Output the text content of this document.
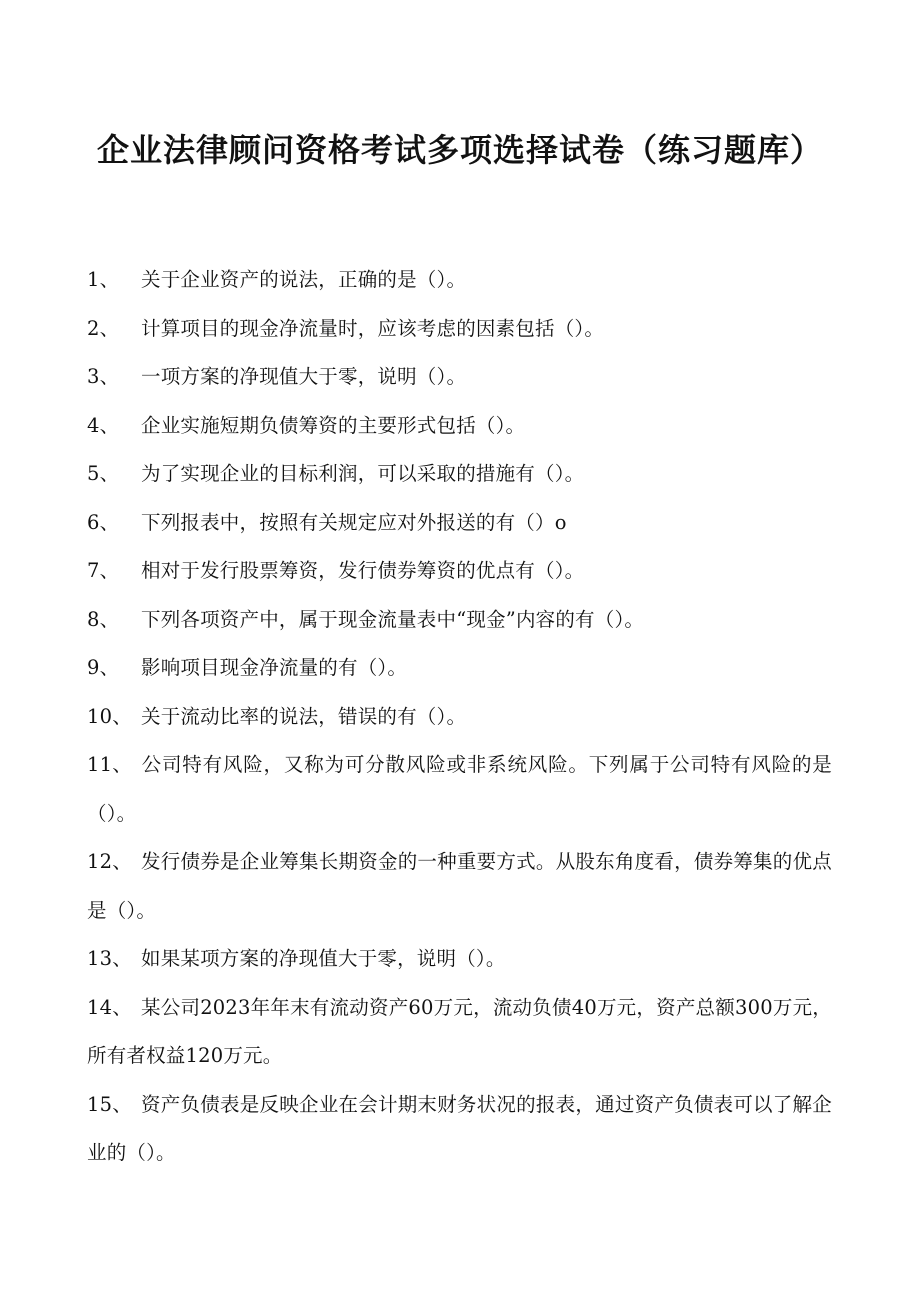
企业法律顾问资格考试多项选择试卷（练习题库）
1、 关于企业资产的说法，正确的是（）。
2、 计算项目的现金净流量时，应该考虑的因素包括（）。
3、 一项方案的净现值大于零，说明（）。
4、 企业实施短期负债筹资的主要形式包括（）。
5、 为了实现企业的目标利润，可以采取的措施有（）。
6、 下列报表中，按照有关规定应对外报送的有（）o
7、 相对于发行股票筹资，发行债券筹资的优点有（）。
8、 下列各项资产中，属于现金流量表中“现金”内容的有（）。
9、 影响项目现金净流量的有（）。
10、 关于流动比率的说法，错误的有（）。
11、 公司特有风险，又称为可分散风险或非系统风险。下列属于公司特有风险的是（）。
12、 发行债券是企业筹集长期资金的一种重要方式。从股东角度看，债券筹集的优点是（）。
13、 如果某项方案的净现值大于零，说明（）。
14、 某公司2023年年末有流动资产60万元，流动负债40万元，资产总额300万元，所有者权益120万元。
15、 资产负债表是反映企业在会计期末财务状况的报表，通过资产负债表可以了解企业的（）。
